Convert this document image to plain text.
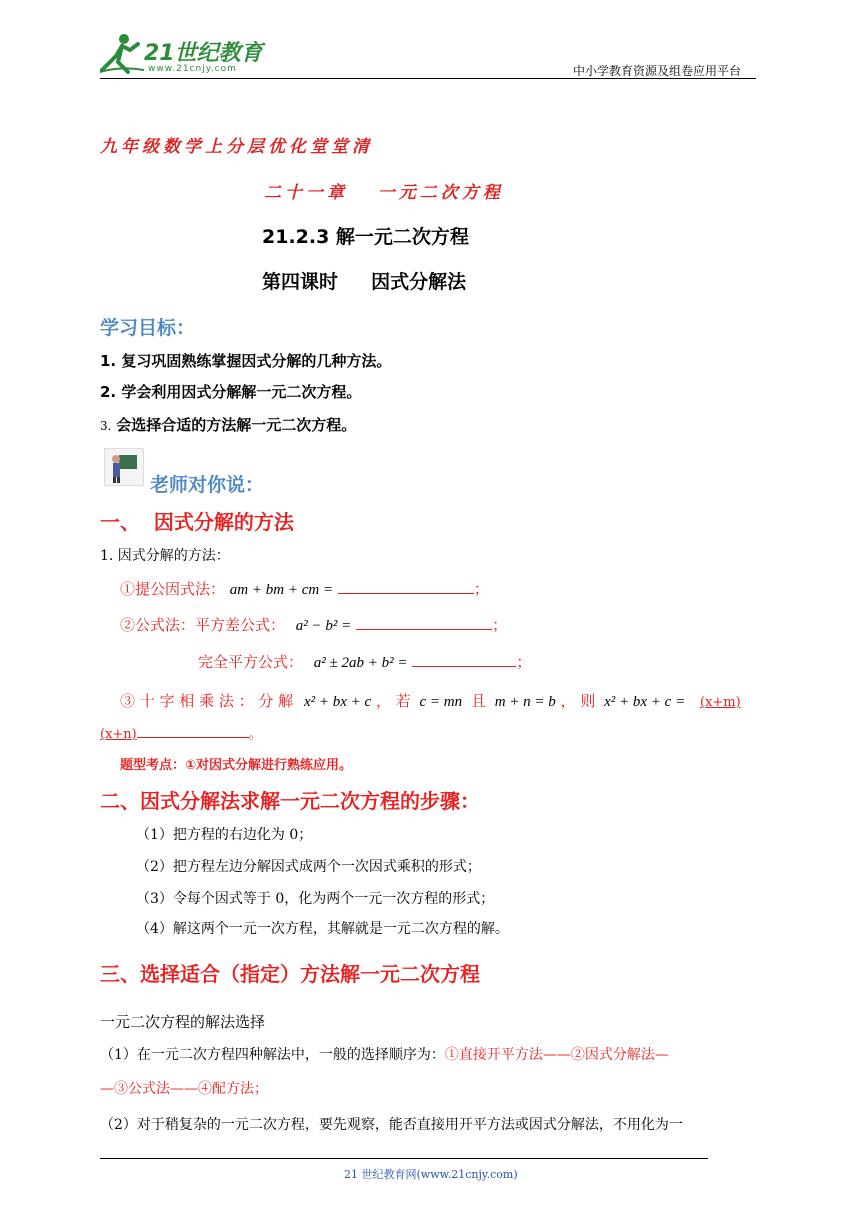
21世纪教育
www.21cnjy.com	中小学教育资源及组卷应用平台
九年级数学上分层优化堂堂清
二十一章   一元二次方程
21.2.3 解一元二次方程
第四课时     因式分解法
学习目标：
1. 复习巩固熟练掌握因式分解的几种方法。
2. 学会利用因式分解解一元二次方程。
3. 会选择合适的方法解一元二次方程。
老师对你说：
一、  因式分解的方法
1. 因式分解的方法：
①提公因式法： am + bm + cm =	；
②公式法：平方差公式： a² − b² =	；
完全平方公式： a² ± 2ab + b² =	；
③ 十 字 相 乘 法 ： 分 解 x² + bx + c ， 若 c = mn 且 m + n = b ， 则 x² + bx + c = (x+m)
(x+n)	。
题型考点：①对因式分解进行熟练应用。
二、因式分解法求解一元二次方程的步骤：
（1）把方程的右边化为 0；
（2）把方程左边分解因式成两个一次因式乘积的形式；
（3）令每个因式等于 0，化为两个一元一次方程的形式；
（4）解这两个一元一次方程，其解就是一元二次方程的解。
三、选择适合（指定）方法解一元二次方程
一元二次方程的解法选择
（1）在一元二次方程四种解法中，一般的选择顺序为：①直接开平方法——②因式分解法—
—③公式法——④配方法；
（2）对于稍复杂的一元二次方程，要先观察，能否直接用开平方法或因式分解法，不用化为一
21 世纪教育网(www.21cnjy.com)
